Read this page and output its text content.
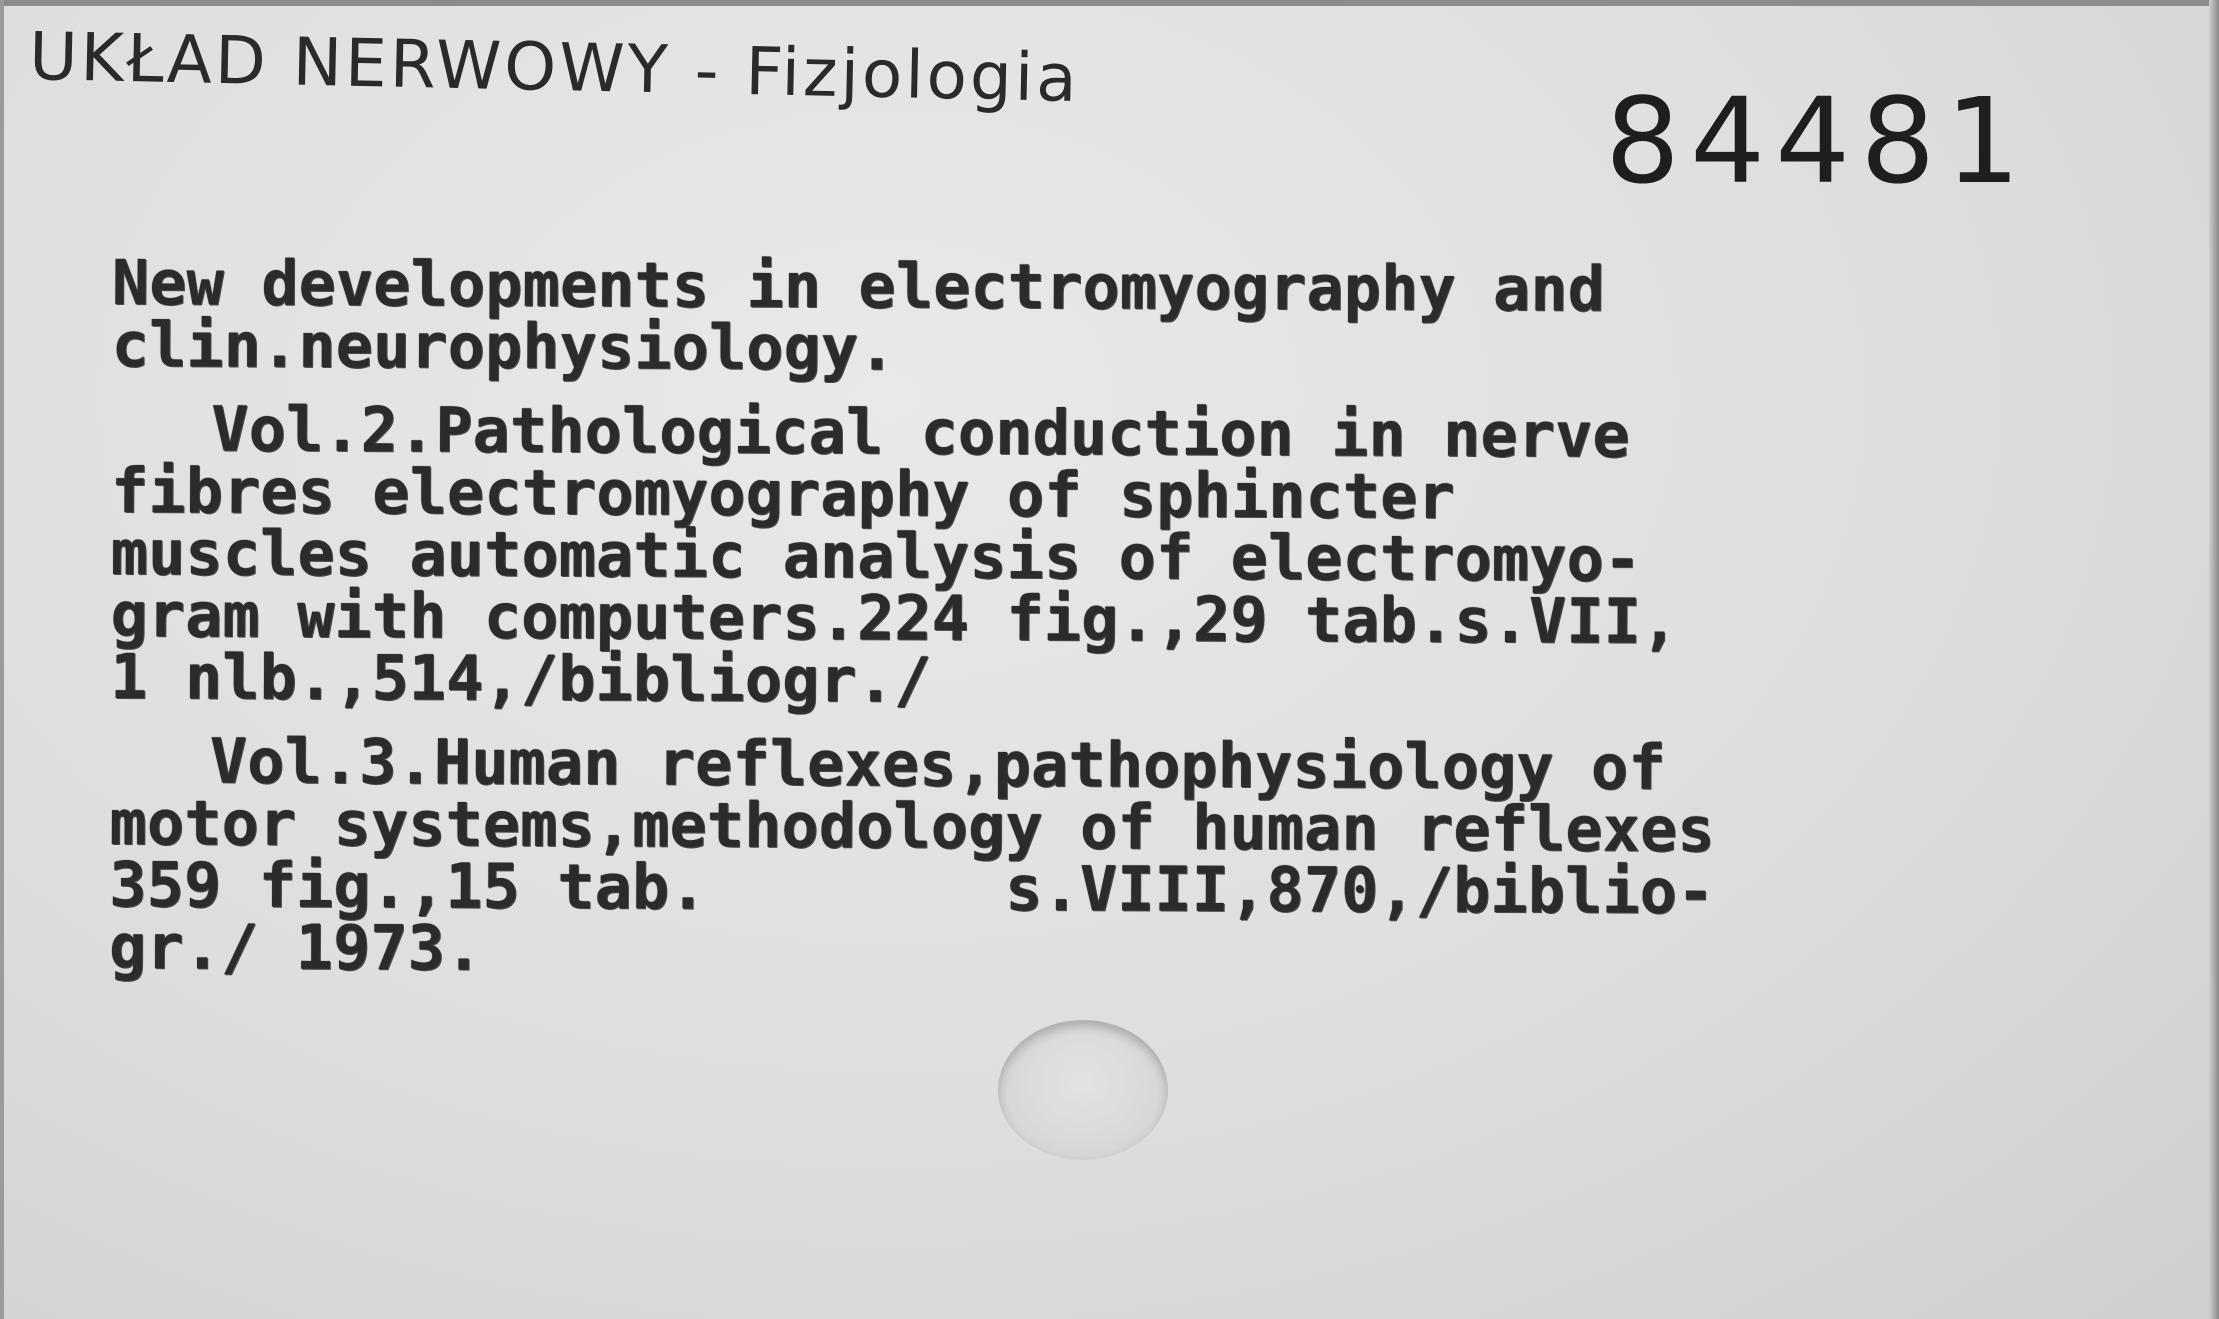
UKŁAD NERWOWY - Fizjologia
84481
New developments in electromyography and
clin.neurophysiology.
Vol.2.Pathological conduction in nerve
fibres electromyography of sphincter
muscles automatic analysis of electromyo-
gram with computers.224 fig.,29 tab.s.VII,
1 nlb.,514,/bibliogr./
Vol.3.Human reflexes,pathophysiology of
motor systems,methodology of human reflexes
359 fig.,15 tab.        s.VIII,870,/biblio-
gr./ 1973.
